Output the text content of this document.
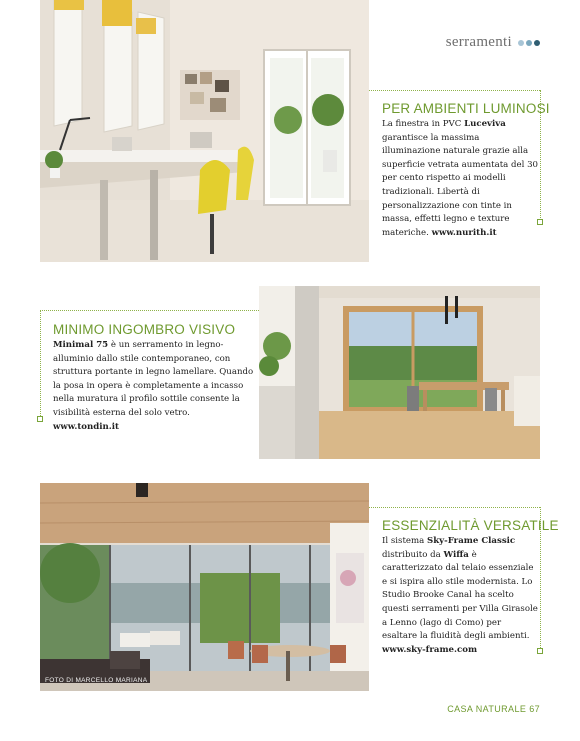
serramenti
PER AMBIENTI LUMINOSI
La finestra in PVC Luceviva garantisce la massima illuminazione naturale grazie alla superficie vetrata aumentata del 30 per cento rispetto ai modelli tradizionali. Libertà di personalizzazione con tinte in massa, effetti legno e texture materiche. www.nurith.it
MINIMO INGOMBRO VISIVO
Minimal 75 è un serramento in legno-alluminio dallo stile contemporaneo, con struttura portante in legno lamellare. Quando la posa in opera è completamente a incasso nella muratura il profilo sottile consente la visibilità esterna del solo vetro. www.tondin.it
FOTO DI MARCELLO MARIANA
ESSENZIALITÀ VERSATILE
Il sistema Sky-Frame Classic distribuito da Wiffa è caratterizzato dal telaio essenziale e si ispira allo stile modernista. Lo Studio Brooke Canal ha scelto questi serramenti per Villa Girasole a Lenno (lago di Como) per esaltare la fluidità degli ambienti. www.sky-frame.com
CASA NATURALE 67
